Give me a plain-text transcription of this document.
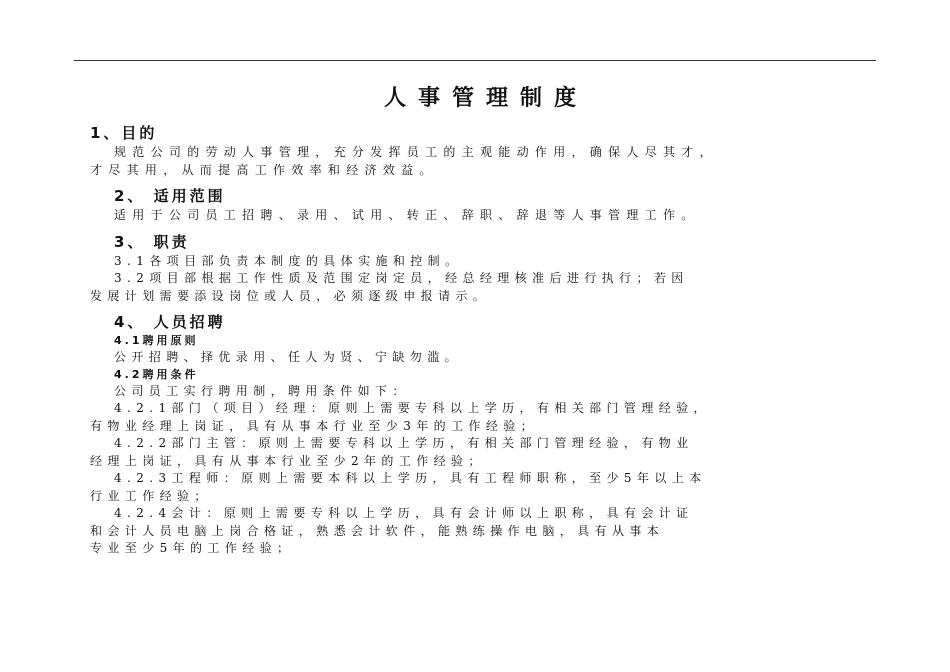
人事管理制度
1、目的
规范公司的劳动人事管理，充分发挥员工的主观能动作用，确保人尽其才，
才尽其用，从而提高工作效率和经济效益。
2、 适用范围
适用于公司员工招聘、录用、试用、转正、辞职、辞退等人事管理工作。
3、 职责
3.1各项目部负责本制度的具体实施和控制。
3.2项目部根据工作性质及范围定岗定员，经总经理核准后进行执行；若因
发展计划需要添设岗位或人员，必须逐级申报请示。
4、 人员招聘
4.1聘用原则
公开招聘、择优录用、任人为贤、宁缺勿滥。
4.2聘用条件
公司员工实行聘用制，聘用条件如下：
4.2.1部门（项目）经理：原则上需要专科以上学历，有相关部门管理经验，
有物业经理上岗证，具有从事本行业至少3年的工作经验；
4.2.2部门主管：原则上需要专科以上学历，有相关部门管理经验，有物业
经理上岗证，具有从事本行业至少2年的工作经验；
4.2.3工程师：原则上需要本科以上学历，具有工程师职称，至少5年以上本
行业工作经验；
4.2.4会计：原则上需要专科以上学历，具有会计师以上职称，具有会计证
和会计人员电脑上岗合格证，熟悉会计软件，能熟练操作电脑，具有从事本
专业至少5年的工作经验；
